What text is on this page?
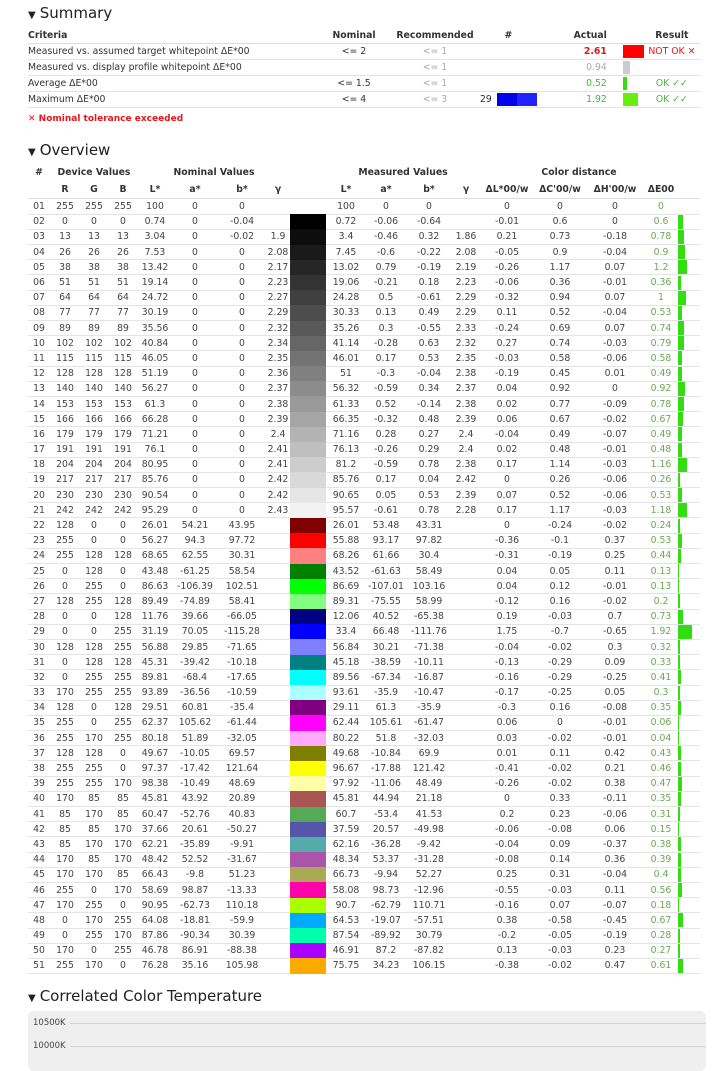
▼ Summary
Criteria	Nominal	Recommended	#	Actual		Result
Measured vs. assumed target whitepoint ΔE*00	<= 2	<= 1		2.61		NOT OK ✕
Measured vs. display profile whitepoint ΔE*00		<= 1		0.94		
Average ΔE*00	<= 1.5	<= 1		0.52		OK ✓✓
Maximum ΔE*00	<= 4	<= 3	29	1.92		OK ✓✓
✕ Nominal tolerance exceeded
▼ Overview
#	Device Values			Nominal Values					Measured Values				Color distance				
	R	G	B	L*	a*	b*	γ		L*	a*	b*	γ	ΔL*00/w	ΔC'00/w	ΔH'00/w	ΔE00	
01	255	255	255	100	0	0			100	0	0		0	0	0	0	
02	0	0	0	0.74	0	-0.04			0.72	-0.06	-0.64		-0.01	0.6	0	0.6	

03	13	13	13	3.04	0	-0.02	1.9		3.4	-0.46	0.32	1.86	0.21	0.73	-0.18	0.78	

04	26	26	26	7.53	0	0	2.08		7.45	-0.6	-0.22	2.08	-0.05	0.9	-0.04	0.9	

05	38	38	38	13.42	0	0	2.17		13.02	0.79	-0.19	2.19	-0.26	1.17	0.07	1.2	

06	51	51	51	19.14	0	0	2.23		19.06	-0.21	0.18	2.23	-0.06	0.36	-0.01	0.36	

07	64	64	64	24.72	0	0	2.27		24.28	0.5	-0.61	2.29	-0.32	0.94	0.07	1	

08	77	77	77	30.19	0	0	2.29		30.33	0.13	0.49	2.29	0.11	0.52	-0.04	0.53	

09	89	89	89	35.56	0	0	2.32		35.26	0.3	-0.55	2.33	-0.24	0.69	0.07	0.74	

10	102	102	102	40.84	0	0	2.34		41.14	-0.28	0.63	2.32	0.27	0.74	-0.03	0.79	

11	115	115	115	46.05	0	0	2.35		46.01	0.17	0.53	2.35	-0.03	0.58	-0.06	0.58	

12	128	128	128	51.19	0	0	2.36		51	-0.3	-0.04	2.38	-0.19	0.45	0.01	0.49	

13	140	140	140	56.27	0	0	2.37		56.32	-0.59	0.34	2.37	0.04	0.92	0	0.92	

14	153	153	153	61.3	0	0	2.38		61.33	0.52	-0.14	2.38	0.02	0.77	-0.09	0.78	

15	166	166	166	66.28	0	0	2.39		66.35	-0.32	0.48	2.39	0.06	0.67	-0.02	0.67	

16	179	179	179	71.21	0	0	2.4		71.16	0.28	0.27	2.4	-0.04	0.49	-0.07	0.49	

17	191	191	191	76.1	0	0	2.41		76.13	-0.26	0.29	2.4	0.02	0.48	-0.01	0.48	

18	204	204	204	80.95	0	0	2.41		81.2	-0.59	0.78	2.38	0.17	1.14	-0.03	1.16	

19	217	217	217	85.76	0	0	2.42		85.76	0.17	0.04	2.42	0	0.26	-0.06	0.26	

20	230	230	230	90.54	0	0	2.42		90.65	0.05	0.53	2.39	0.07	0.52	-0.06	0.53	

21	242	242	242	95.29	0	0	2.43		95.57	-0.61	0.78	2.28	0.17	1.17	-0.03	1.18	

22	128	0	0	26.01	54.21	43.95			26.01	53.48	43.31		0	-0.24	-0.02	0.24	

23	255	0	0	56.27	94.3	97.72			55.88	93.17	97.82		-0.36	-0.1	0.37	0.53	

24	255	128	128	68.65	62.55	30.31			68.26	61.66	30.4		-0.31	-0.19	0.25	0.44	

25	0	128	0	43.48	-61.25	58.54			43.52	-61.63	58.49		0.04	0.05	0.11	0.13	

26	0	255	0	86.63	-106.39	102.51			86.69	-107.01	103.16		0.04	0.12	-0.01	0.13	

27	128	255	128	89.49	-74.89	58.41			89.31	-75.55	58.99		-0.12	0.16	-0.02	0.2	

28	0	0	128	11.76	39.66	-66.05			12.06	40.52	-65.38		0.19	-0.03	0.7	0.73	

29	0	0	255	31.19	70.05	-115.28			33.4	66.48	-111.76		1.75	-0.7	-0.65	1.92	

30	128	128	255	56.88	29.85	-71.65			56.84	30.21	-71.38		-0.04	-0.02	0.3	0.32	

31	0	128	128	45.31	-39.42	-10.18			45.18	-38.59	-10.11		-0.13	-0.29	0.09	0.33	

32	0	255	255	89.81	-68.4	-17.65			89.56	-67.34	-16.87		-0.16	-0.29	-0.25	0.41	

33	170	255	255	93.89	-36.56	-10.59			93.61	-35.9	-10.47		-0.17	-0.25	0.05	0.3	

34	128	0	128	29.51	60.81	-35.4			29.11	61.3	-35.9		-0.3	0.16	-0.08	0.35	

35	255	0	255	62.37	105.62	-61.44			62.44	105.61	-61.47		0.06	0	-0.01	0.06	

36	255	170	255	80.18	51.89	-32.05			80.22	51.8	-32.03		0.03	-0.02	-0.01	0.04	

37	128	128	0	49.67	-10.05	69.57			49.68	-10.84	69.9		0.01	0.11	0.42	0.43	

38	255	255	0	97.37	-17.42	121.64			96.67	-17.88	121.42		-0.41	-0.02	0.21	0.46	

39	255	255	170	98.38	-10.49	48.69			97.92	-11.06	48.49		-0.26	-0.02	0.38	0.47	

40	170	85	85	45.81	43.92	20.89			45.81	44.94	21.18		0	0.33	-0.11	0.35	

41	85	170	85	60.47	-52.76	40.83			60.7	-53.4	41.53		0.2	0.23	-0.06	0.31	

42	85	85	170	37.66	20.61	-50.27			37.59	20.57	-49.98		-0.06	-0.08	0.06	0.15	

43	85	170	170	62.21	-35.89	-9.91			62.16	-36.28	-9.42		-0.04	0.09	-0.37	0.38	

44	170	85	170	48.42	52.52	-31.67			48.34	53.37	-31.28		-0.08	0.14	0.36	0.39	

45	170	170	85	66.43	-9.8	51.23			66.73	-9.94	52.27		0.25	0.31	-0.04	0.4	

46	255	0	170	58.69	98.87	-13.33			58.08	98.73	-12.96		-0.55	-0.03	0.11	0.56	

47	170	255	0	90.95	-62.73	110.18			90.7	-62.79	110.71		-0.16	0.07	-0.07	0.18	

48	0	170	255	64.08	-18.81	-59.9			64.53	-19.07	-57.51		0.38	-0.58	-0.45	0.67	

49	0	255	170	87.86	-90.34	30.39			87.54	-89.92	30.79		-0.2	-0.05	-0.19	0.28	

50	170	0	255	46.78	86.91	-88.38			46.91	87.2	-87.82		0.13	-0.03	0.23	0.27	

51	255	170	0	76.28	35.16	105.98			75.75	34.23	106.15		-0.38	-0.02	0.47	0.61	
▼ Correlated Color Temperature
10500K
10000K
